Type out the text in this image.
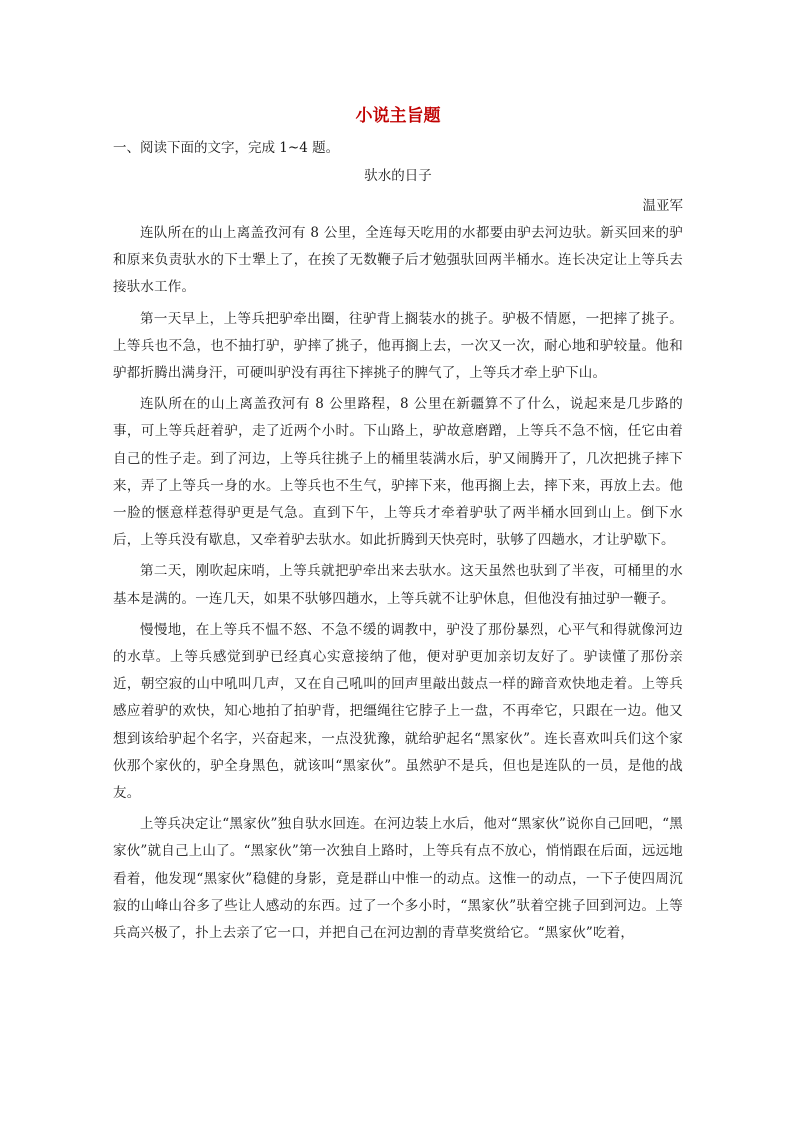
小说主旨题

一、阅读下面的文字，完成 1~4 题。

驮水的日子

温亚军

连队所在的山上离盖孜河有 8 公里，全连每天吃用的水都要由驴去河边驮。新买回来的驴和原来负责驮水的下士犟上了，在挨了无数鞭子后才勉强驮回两半桶水。连长决定让上等兵去接驮水工作。

第一天早上，上等兵把驴牵出圈，往驴背上搁装水的挑子。驴极不情愿，一把摔了挑子。上等兵也不急，也不抽打驴，驴摔了挑子，他再搁上去，一次又一次，耐心地和驴较量。他和驴都折腾出满身汗，可硬叫驴没有再往下摔挑子的脾气了，上等兵才牵上驴下山。

连队所在的山上离盖孜河有 8 公里路程，8 公里在新疆算不了什么，说起来是几步路的事，可上等兵赶着驴，走了近两个小时。下山路上，驴故意磨蹭，上等兵不急不恼，任它由着自己的性子走。到了河边，上等兵往挑子上的桶里装满水后，驴又闹腾开了，几次把挑子摔下来，弄了上等兵一身的水。上等兵也不生气，驴摔下来，他再搁上去，摔下来，再放上去。他一脸的惬意样惹得驴更是气急。直到下午，上等兵才牵着驴驮了两半桶水回到山上。倒下水后，上等兵没有歇息，又牵着驴去驮水。如此折腾到天快亮时，驮够了四趟水，才让驴歇下。

第二天，刚吹起床哨，上等兵就把驴牵出来去驮水。这天虽然也驮到了半夜，可桶里的水基本是满的。一连几天，如果不驮够四趟水，上等兵就不让驴休息，但他没有抽过驴一鞭子。

慢慢地，在上等兵不愠不怒、不急不缓的调教中，驴没了那份暴烈，心平气和得就像河边的水草。上等兵感觉到驴已经真心实意接纳了他，便对驴更加亲切友好了。驴读懂了那份亲近，朝空寂的山中吼叫几声，又在自己吼叫的回声里敲出鼓点一样的蹄音欢快地走着。上等兵感应着驴的欢快，知心地拍了拍驴背，把缰绳往它脖子上一盘，不再牵它，只跟在一边。他又想到该给驴起个名字，兴奋起来，一点没犹豫，就给驴起名“黑家伙”。连长喜欢叫兵们这个家伙那个家伙的，驴全身黑色，就该叫“黑家伙”。虽然驴不是兵，但也是连队的一员，是他的战友。

上等兵决定让“黑家伙”独自驮水回连。在河边装上水后，他对“黑家伙”说你自己回吧，“黑家伙”就自己上山了。“黑家伙”第一次独自上路时，上等兵有点不放心，悄悄跟在后面，远远地看着，他发现“黑家伙”稳健的身影，竟是群山中惟一的动点。这惟一的动点，一下子使四周沉寂的山峰山谷多了些让人感动的东西。过了一个多小时，“黑家伙”驮着空挑子回到河边。上等兵高兴极了，扑上去亲了它一口，并把自己在河边割的青草奖赏给它。“黑家伙”吃着，
